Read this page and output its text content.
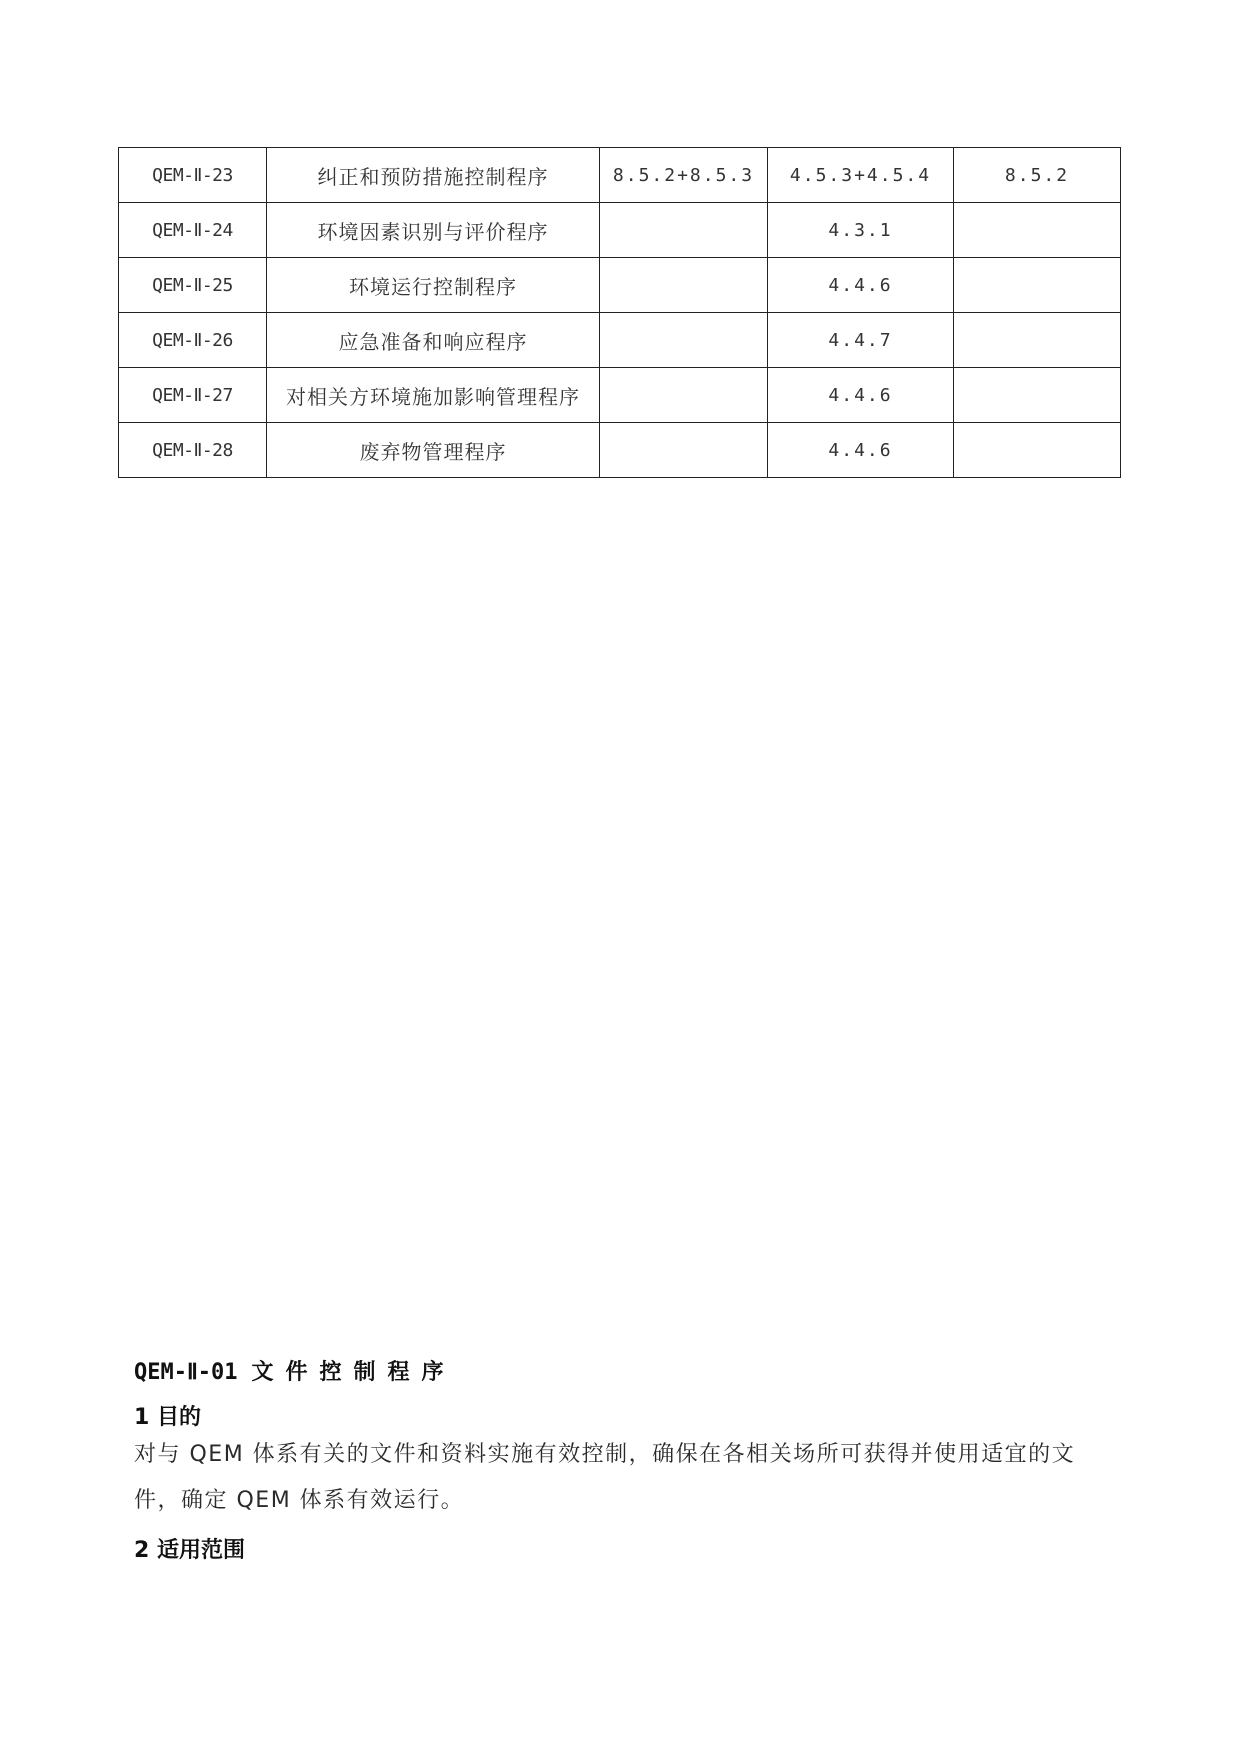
QEM-Ⅱ-23	纠正和预防措施控制程序	8.5.2+8.5.3	4.5.3+4.5.4	8.5.2
QEM-Ⅱ-24	环境因素识别与评价程序		4.3.1	
QEM-Ⅱ-25	环境运行控制程序		4.4.6	
QEM-Ⅱ-26	应急准备和响应程序		4.4.7	
QEM-Ⅱ-27	对相关方环境施加影响管理程序		4.4.6	
QEM-Ⅱ-28	废弃物管理程序		4.4.6	
QEM-Ⅱ-01 文件控制程序
1 目的
对与 QEM 体系有关的文件和资料实施有效控制，确保在各相关场所可获得并使用适宜的文
件，确定 QEM 体系有效运行。
2 适用范围
